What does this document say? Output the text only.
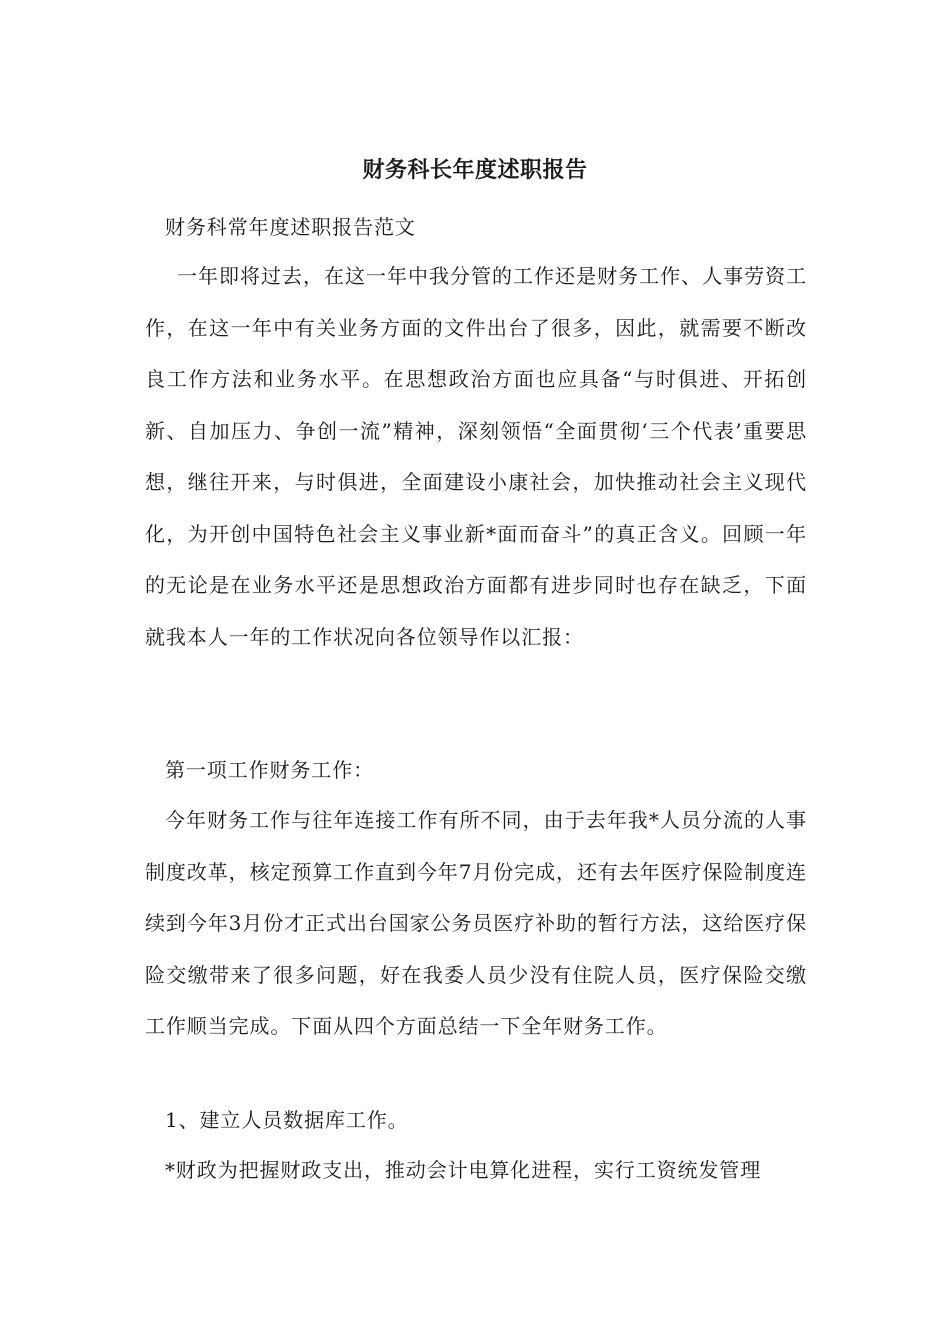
财务科长年度述职报告

财务科常年度述职报告范文

一年即将过去，在这一年中我分管的工作还是财务工作、人事劳资工作，在这一年中有关业务方面的文件出台了很多，因此，就需要不断改良工作方法和业务水平。在思想政治方面也应具备“与时俱进、开拓创新、自加压力、争创一流”精神，深刻领悟“全面贯彻‘三个代表’重要思想，继往开来，与时俱进，全面建设小康社会，加快推动社会主义现代化，为开创中国特色社会主义事业新*面而奋斗”的真正含义。回顾一年的无论是在业务水平还是思想政治方面都有进步同时也存在缺乏，下面就我本人一年的工作状况向各位领导作以汇报：

第一项工作财务工作：

今年财务工作与往年连接工作有所不同，由于去年我*人员分流的人事制度改革，核定预算工作直到今年7月份完成，还有去年医疗保险制度连续到今年3月份才正式出台国家公务员医疗补助的暂行方法，这给医疗保险交缴带来了很多问题，好在我委人员少没有住院人员，医疗保险交缴工作顺当完成。下面从四个方面总结一下全年财务工作。

1、建立人员数据库工作。

*财政为把握财政支出，推动会计电算化进程，实行工资统发管理
